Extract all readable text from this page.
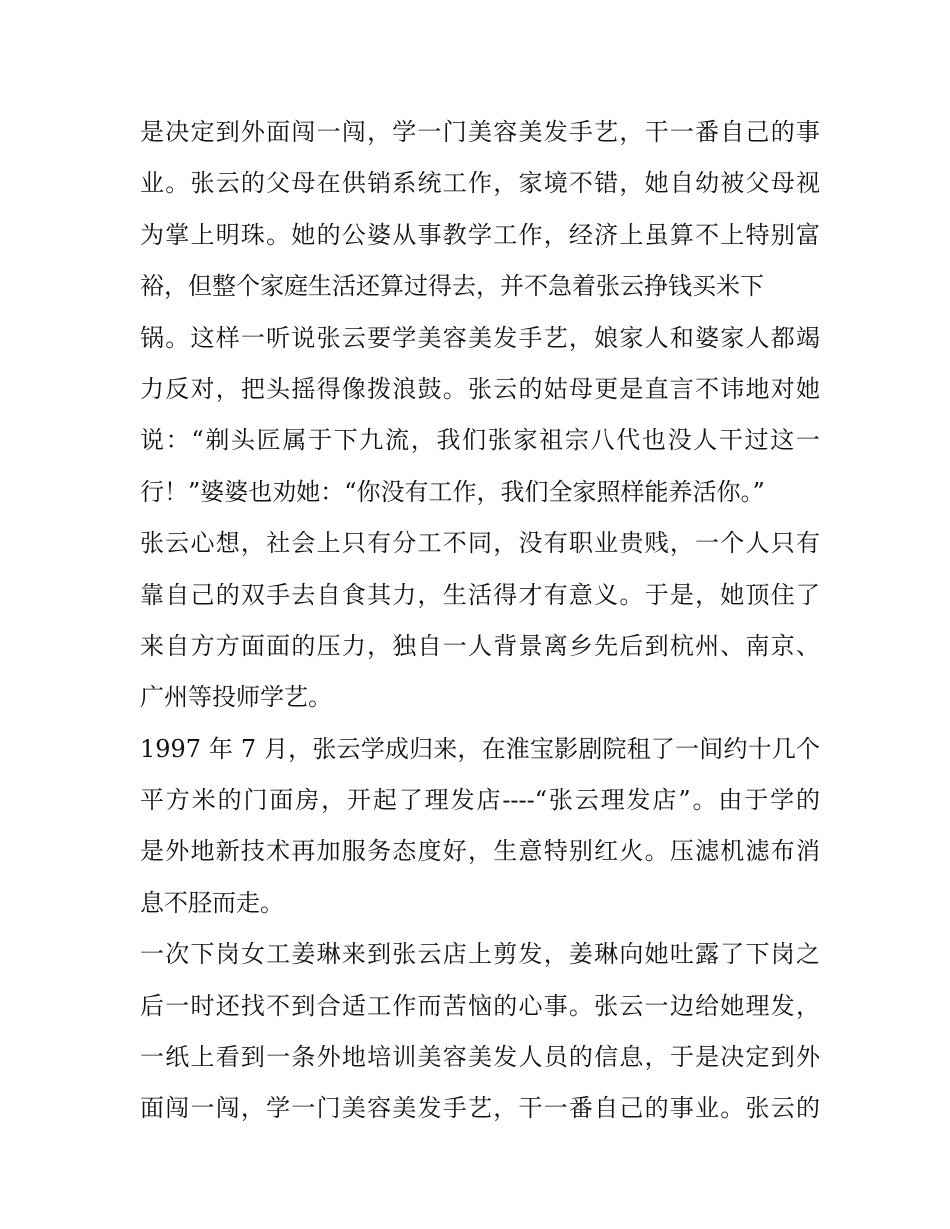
是决定到外面闯一闯，学一门美容美发手艺，干一番自己的事
业。张云的父母在供销系统工作，家境不错，她自幼被父母视
为掌上明珠。她的公婆从事教学工作，经济上虽算不上特别富
裕，但整个家庭生活还算过得去，并不急着张云挣钱买米下
锅。这样一听说张云要学美容美发手艺，娘家人和婆家人都竭
力反对，把头摇得像拨浪鼓。张云的姑母更是直言不讳地对她
说：“剃头匠属于下九流，我们张家祖宗八代也没人干过这一
行！”婆婆也劝她：“你没有工作，我们全家照样能养活你。”
张云心想，社会上只有分工不同，没有职业贵贱，一个人只有
靠自己的双手去自食其力，生活得才有意义。于是，她顶住了
来自方方面面的压力，独自一人背景离乡先后到杭州、南京、
广州等投师学艺。
1997 年 7 月，张云学成归来，在淮宝影剧院租了一间约十几个
平方米的门面房，开起了理发店----“张云理发店”。由于学的
是外地新技术再加服务态度好，生意特别红火。压滤机滤布消
息不胫而走。
一次下岗女工姜琳来到张云店上剪发，姜琳向她吐露了下岗之
后一时还找不到合适工作而苦恼的心事。张云一边给她理发，
一纸上看到一条外地培训美容美发人员的信息，于是决定到外
面闯一闯，学一门美容美发手艺，干一番自己的事业。张云的
